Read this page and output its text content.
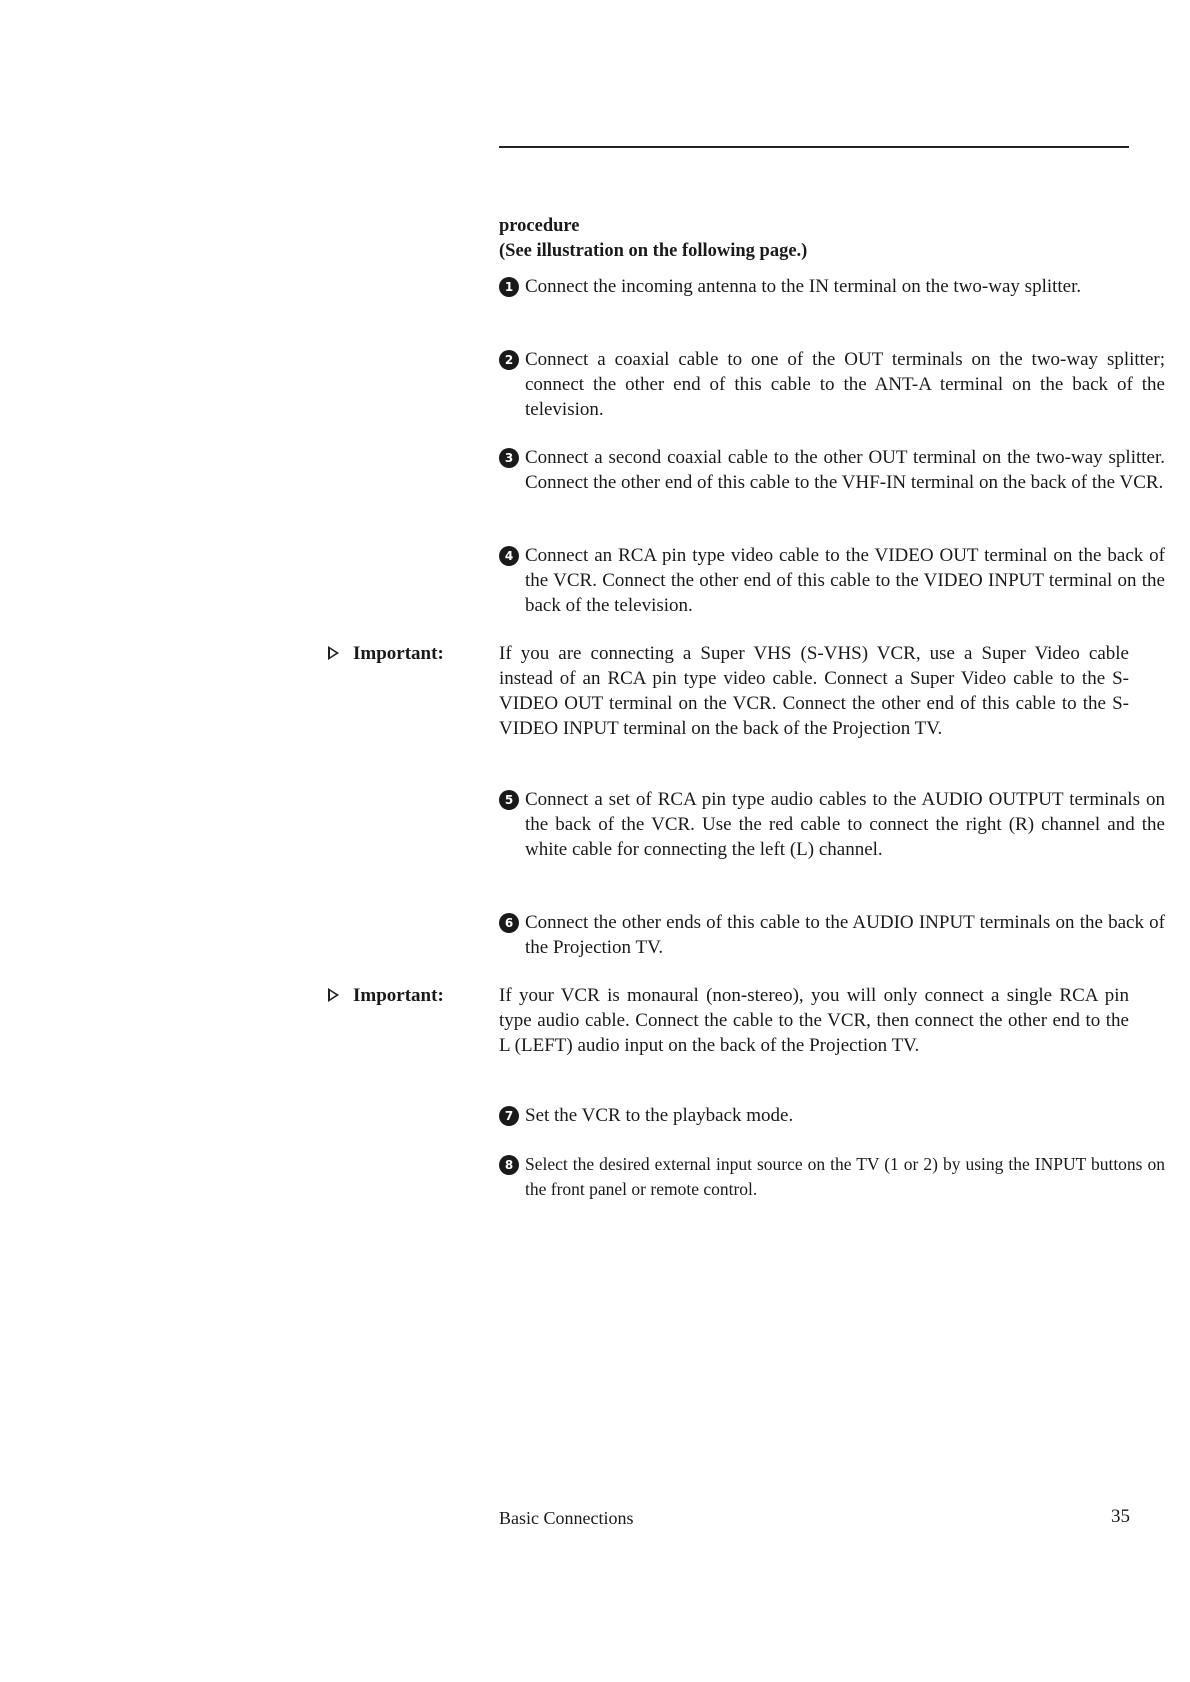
procedure
(See illustration on the following page.)
1 Connect the incoming antenna to the IN terminal on the two-way splitter.
2 Connect a coaxial cable to one of the OUT terminals on the two-way splitter; connect the other end of this cable to the ANT-A terminal on the back of the television.
3 Connect a second coaxial cable to the other OUT terminal on the two-way splitter. Connect the other end of this cable to the VHF-IN terminal on the back of the VCR.
4 Connect an RCA pin type video cable to the VIDEO OUT terminal on the back of the VCR. Connect the other end of this cable to the VIDEO INPUT terminal on the back of the television.
Important:	If you are connecting a Super VHS (S-VHS) VCR, use a Super Video cable instead of an RCA pin type video cable. Connect a Super Video cable to the S-VIDEO OUT terminal on the VCR. Connect the other end of this cable to the S-VIDEO INPUT terminal on the back of the Projection TV.
5 Connect a set of RCA pin type audio cables to the AUDIO OUTPUT terminals on the back of the VCR. Use the red cable to connect the right (R) channel and the white cable for connecting the left (L) channel.
6 Connect the other ends of this cable to the AUDIO INPUT terminals on the back of the Projection TV.
Important:	If your VCR is monaural (non-stereo), you will only connect a single RCA pin type audio cable. Connect the cable to the VCR, then connect the other end to the L (LEFT) audio input on the back of the Projection TV.
7 Set the VCR to the playback mode.
8 Select the desired external input source on the TV (1 or 2) by using the INPUT buttons on the front panel or remote control.
Basic Connections	35
